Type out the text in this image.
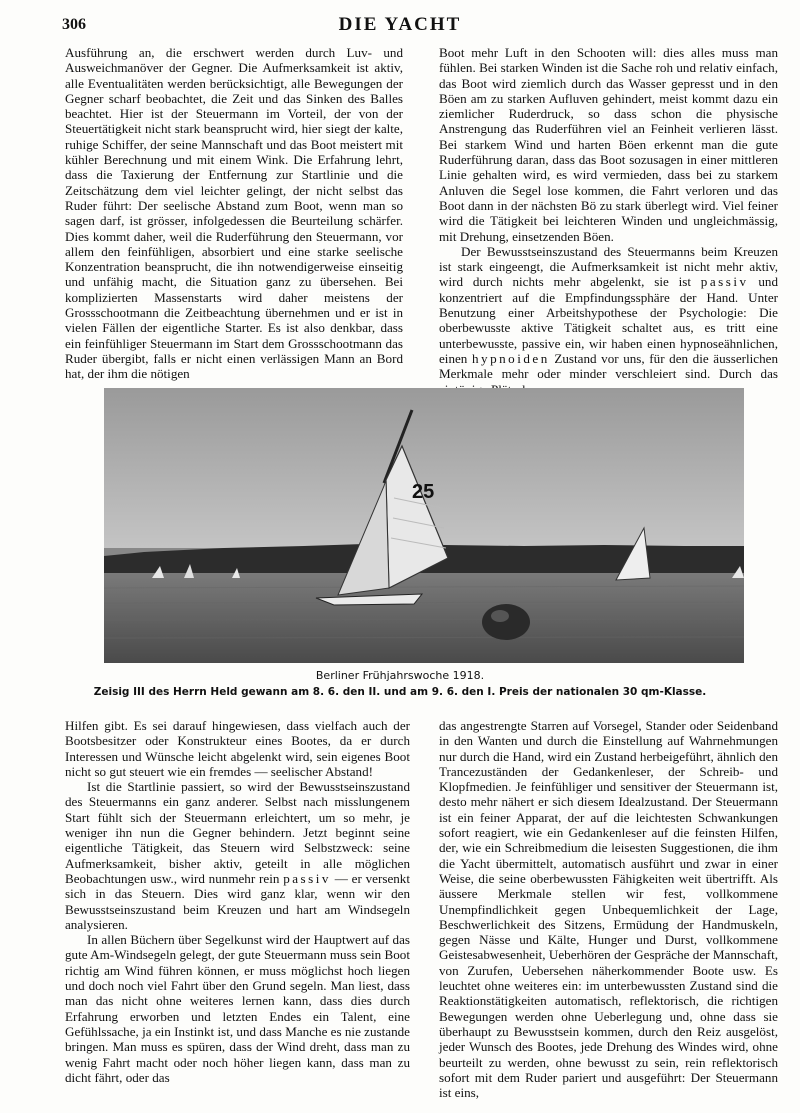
306	DIE YACHT

Ausführung an, die erschwert werden durch Luv- und Ausweichmanöver der Gegner. Die Aufmerksamkeit ist aktiv, alle Eventualitäten werden berücksichtigt, alle Bewegungen der Gegner scharf beobachtet, die Zeit und das Sinken des Balles beachtet. Hier ist der Steuermann im Vorteil, der von der Steuertätigkeit nicht stark beansprucht wird, hier siegt der kalte, ruhige Schiffer, der seine Mannschaft und das Boot meistert mit kühler Berechnung und mit einem Wink. Die Erfahrung lehrt, dass die Taxierung der Entfernung zur Startlinie und die Zeitschätzung dem viel leichter gelingt, der nicht selbst das Ruder führt: Der seelische Abstand zum Boot, wenn man so sagen darf, ist grösser, infolgedessen die Beurteilung schärfer. Dies kommt daher, weil die Ruderführung den Steuermann, vor allem den feinfühligen, absorbiert und eine starke seelische Konzentration beansprucht, die ihn notwendigerweise einseitig und unfähig macht, die Situation ganz zu übersehen. Bei komplizierten Massenstarts wird daher meistens der Grossschootmann die Zeitbeachtung übernehmen und er ist in vielen Fällen der eigentliche Starter. Es ist also denkbar, dass ein feinfühliger Steuermann im Start dem Grossschootmann das Ruder übergibt, falls er nicht einen verlässigen Mann an Bord hat, der ihm die nötigen

Boot mehr Luft in den Schooten will: dies alles muss man fühlen. Bei starken Winden ist die Sache roh und relativ einfach, das Boot wird ziemlich durch das Wasser gepresst und in den Böen am zu starken Aufluven gehindert, meist kommt dazu ein ziemlicher Ruderdruck, so dass schon die physische Anstrengung das Ruderführen viel an Feinheit verlieren lässt. Bei starkem Wind und harten Böen erkennt man die gute Ruderführung daran, dass das Boot sozusagen in einer mittleren Linie gehalten wird, es wird vermieden, dass bei zu starkem Anluven die Segel lose kommen, die Fahrt verloren und das Boot dann in der nächsten Bö zu stark überlegt wird. Viel feiner wird die Tätigkeit bei leichteren Winden und ungleichmässig, mit Drehung, einsetzenden Böen.

Der Bewusstseinszustand des Steuermanns beim Kreuzen ist stark eingeengt, die Aufmerksamkeit ist nicht mehr aktiv, wird durch nichts mehr abgelenkt, sie ist passiv und konzentriert auf die Empfindungssphäre der Hand. Unter Benutzung einer Arbeitshypothese der Psychologie: Die oberbewusste aktive Tätigkeit schaltet aus, es tritt eine unterbewusste, passive ein, wir haben einen hypnoseähnlichen, einen hypnoiden Zustand vor uns, für den die äusserlichen Merkmale mehr oder minder verschleiert sind. Durch das

25
Berliner Frühjahrswoche 1918.
Zeisig III des Herrn Held gewann am 8. 6. den II. und am 9. 6. den I. Preis der nationalen 30 qm-Klasse.

Hilfen gibt. Es sei darauf hingewiesen, dass vielfach auch der Bootsbesitzer oder Konstrukteur eines Bootes, da er durch Interessen und Wünsche leicht abgelenkt wird, sein eigenes Boot nicht so gut steuert wie ein fremdes — seelischer Abstand!

Ist die Startlinie passiert, so wird der Bewusstseinszustand des Steuermanns ein ganz anderer. Selbst nach misslungenem Start fühlt sich der Steuermann erleichtert, um so mehr, je weniger ihn nun die Gegner behindern. Jetzt beginnt seine eigentliche Tätigkeit, das Steuern wird Selbstzweck: seine Aufmerksamkeit, bisher aktiv, geteilt in alle möglichen Beobachtungen usw., wird nunmehr rein passiv — er versenkt sich in das Steuern. Dies wird ganz klar, wenn wir den Bewusstseinszustand beim Kreuzen und hart am Windsegeln analysieren.

In allen Büchern über Segelkunst wird der Hauptwert auf das gute Am-Windsegeln gelegt, der gute Steuermann muss sein Boot richtig am Wind führen können, er muss möglichst hoch liegen und doch noch viel Fahrt über den Grund segeln. Man liest, dass man das nicht ohne weiteres lernen kann, dass dies durch Erfahrung erworben und letzten Endes ein Talent, eine Gefühlssache, ja ein Instinkt ist, und dass Manche es nie zustande bringen. Man muss es spüren, dass der Wind dreht, dass man zu wenig Fahrt macht oder noch höher liegen kann, dass man zu dicht fährt, oder das

das angestrengte Starren auf Vorsegel, Stander oder Seidenband in den Wanten und durch die Einstellung auf Wahrnehmungen nur durch die Hand, wird ein Zustand herbeigeführt, ähnlich den Trancezuständen der Gedankenleser, der Schreib- und Klopfmedien. Je feinfühliger und sensitiver der Steuermann ist, desto mehr nähert er sich diesem Idealzustand. Der Steuermann ist ein feiner Apparat, der auf die leichtesten Schwankungen sofort reagiert, wie ein Gedankenleser auf die feinsten Hilfen, der, wie ein Schreibmedium die leisesten Suggestionen, die ihm die Yacht übermittelt, automatisch ausführt und zwar in einer Weise, die seine oberbewussten Fähigkeiten weit übertrifft. Als äussere Merkmale stellen wir fest, vollkommene Unempfindlichkeit gegen Unbequemlichkeit der Lage, Beschwerlichkeit des Sitzens, Ermüdung der Handmuskeln, gegen Nässe und Kälte, Hunger und Durst, vollkommene Geistesabwesenheit, Ueberhören der Gespräche der Mannschaft, von Zurufen, Uebersehen näherkommender Boote usw. Es leuchtet ohne weiteres ein: im unterbewussten Zustand sind die Reaktionstätigkeiten automatisch, reflektorisch, die richtigen Bewegungen werden ohne Ueberlegung und, ohne dass sie überhaupt zu Bewusstsein kommen, durch den Reiz ausgelöst, jeder Wunsch des Bootes, jede Drehung des Windes wird, ohne beurteilt zu werden, ohne bewusst zu sein, rein reflektorisch sofort mit dem Ruder pariert und ausgeführt: Der Steuermann ist eins,
